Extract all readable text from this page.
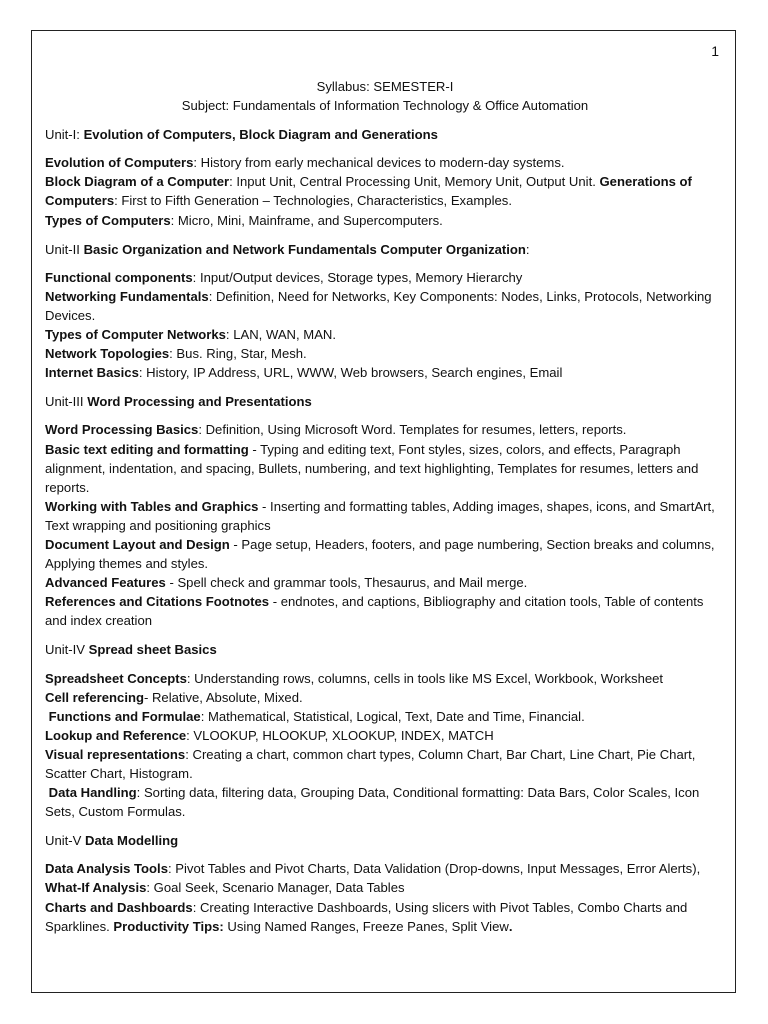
1
Syllabus: SEMESTER-I
Subject: Fundamentals of Information Technology & Office Automation
Unit-I: Evolution of Computers, Block Diagram and Generations
Evolution of Computers: History from early mechanical devices to modern-day systems.
Block Diagram of a Computer: Input Unit, Central Processing Unit, Memory Unit, Output Unit. Generations of Computers: First to Fifth Generation – Technologies, Characteristics, Examples.
Types of Computers: Micro, Mini, Mainframe, and Supercomputers.
Unit-II Basic Organization and Network Fundamentals Computer Organization:
Functional components: Input/Output devices, Storage types, Memory Hierarchy
Networking Fundamentals: Definition, Need for Networks, Key Components: Nodes, Links, Protocols, Networking Devices.
Types of Computer Networks: LAN, WAN, MAN.
Network Topologies: Bus. Ring, Star, Mesh.
Internet Basics: History, IP Address, URL, WWW, Web browsers, Search engines, Email
Unit-III Word Processing and Presentations
Word Processing Basics: Definition, Using Microsoft Word. Templates for resumes, letters, reports.
Basic text editing and formatting - Typing and editing text, Font styles, sizes, colors, and effects, Paragraph alignment, indentation, and spacing, Bullets, numbering, and text highlighting, Templates for resumes, letters and reports.
Working with Tables and Graphics - Inserting and formatting tables, Adding images, shapes, icons, and SmartArt, Text wrapping and positioning graphics
Document Layout and Design - Page setup, Headers, footers, and page numbering, Section breaks and columns, Applying themes and styles.
Advanced Features - Spell check and grammar tools, Thesaurus, and Mail merge.
References and Citations Footnotes - endnotes, and captions, Bibliography and citation tools, Table of contents and index creation
Unit-IV Spread sheet Basics
Spreadsheet Concepts: Understanding rows, columns, cells in tools like MS Excel, Workbook, Worksheet
Cell referencing- Relative, Absolute, Mixed.
Functions and Formulae: Mathematical, Statistical, Logical, Text, Date and Time, Financial.
Lookup and Reference: VLOOKUP, HLOOKUP, XLOOKUP, INDEX, MATCH
Visual representations: Creating a chart, common chart types, Column Chart, Bar Chart, Line Chart, Pie Chart, Scatter Chart, Histogram.
Data Handling: Sorting data, filtering data, Grouping Data, Conditional formatting: Data Bars, Color Scales, Icon Sets, Custom Formulas.
Unit-V Data Modelling
Data Analysis Tools: Pivot Tables and Pivot Charts, Data Validation (Drop-downs, Input Messages, Error Alerts),
What-If Analysis: Goal Seek, Scenario Manager, Data Tables
Charts and Dashboards: Creating Interactive Dashboards, Using slicers with Pivot Tables, Combo Charts and Sparklines. Productivity Tips: Using Named Ranges, Freeze Panes, Split View.
